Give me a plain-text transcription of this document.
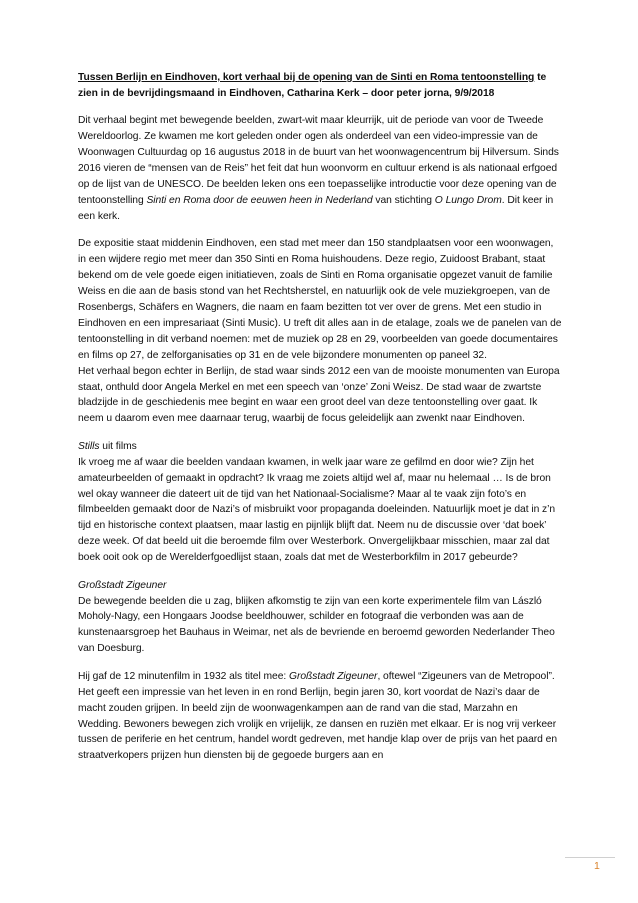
Tussen Berlijn en Eindhoven, kort verhaal bij de opening van de Sinti en Roma tentoonstelling te zien in de bevrijdingsmaand in Eindhoven, Catharina Kerk – door peter jorna, 9/9/2018

Dit verhaal begint met bewegende beelden, zwart-wit maar kleurrijk, uit de periode van voor de Tweede Wereldoorlog. Ze kwamen me kort geleden onder ogen als onderdeel van een video-impressie van de Woonwagen Cultuurdag op 16 augustus 2018 in de buurt van het woonwagencentrum bij Hilversum. Sinds 2016 vieren de “mensen van de Reis” het feit dat hun woonvorm en cultuur erkend is als nationaal erfgoed op de lijst van de UNESCO. De beelden leken ons een toepasselijke introductie voor deze opening van de tentoonstelling Sinti en Roma door de eeuwen heen in Nederland van stichting O Lungo Drom. Dit keer in een kerk.

De expositie staat middenin Eindhoven, een stad met meer dan 150 standplaatsen voor een woonwagen, in een wijdere regio met meer dan 350 Sinti en Roma huishoudens. Deze regio, Zuidoost Brabant, staat bekend om de vele goede eigen initiatieven, zoals de Sinti en Roma organisatie opgezet vanuit de familie Weiss en die aan de basis stond van het Rechtsherstel, en natuurlijk ook de vele muziekgroepen, van de Rosenbergs, Schäfers en Wagners, die naam en faam bezitten tot ver over de grens. Met een studio in Eindhoven en een impresariaat (Sinti Music). U treft dit alles aan in de etalage, zoals we de panelen van de tentoonstelling in dit verband noemen: met de muziek op 28 en 29, voorbeelden van goede documentaires en films op 27, de zelforganisaties op 31 en de vele bijzondere monumenten op paneel 32.

Het verhaal begon echter in Berlijn, de stad waar sinds 2012 een van de mooiste monumenten van Europa staat, onthuld door Angela Merkel en met een speech van ‘onze’ Zoni Weisz. De stad waar de zwartste bladzijde in de geschiedenis mee begint en waar een groot deel van deze tentoonstelling over gaat. Ik neem u daarom even mee daarnaar terug, waarbij de focus geleidelijk aan zwenkt naar Eindhoven.

Stills uit films
Ik vroeg me af waar die beelden vandaan kwamen, in welk jaar ware ze gefilmd en door wie? Zijn het amateurbeelden of gemaakt in opdracht? Ik vraag me zoiets altijd wel af, maar nu helemaal … Is de bron wel okay wanneer die dateert uit de tijd van het Nationaal-Socialisme? Maar al te vaak zijn foto’s en filmbeelden gemaakt door de Nazi’s of misbruikt voor propaganda doeleinden. Natuurlijk moet je dat in z’n tijd en historische context plaatsen, maar lastig en pijnlijk blijft dat. Neem nu de discussie over ‘dat boek’ deze week. Of dat beeld uit die beroemde film over Westerbork. Onvergelijkbaar misschien, maar zal dat boek ooit ook op de Werelderfgoedlijst staan, zoals dat met de Westerborkfilm in 2017 gebeurde?

Großstadt Zigeuner
De bewegende beelden die u zag, blijken afkomstig te zijn van een korte experimentele film van László Moholy-Nagy, een Hongaars Joodse beeldhouwer, schilder en fotograaf die verbonden was aan de kunstenaarsgroep het Bauhaus in Weimar, net als de bevriende en beroemd geworden Nederlander Theo van Doesburg.

Hij gaf de 12 minutenfilm in 1932 als titel mee: Großstadt Zigeuner, oftewel “Zigeuners van de Metropool”. Het geeft een impressie van het leven in en rond Berlijn, begin jaren 30, kort voordat de Nazi’s daar de macht zouden grijpen. In beeld zijn de woonwagenkampen aan de rand van die stad, Marzahn en Wedding. Bewoners bewegen zich vrolijk en vrijelijk, ze dansen en ruziën met elkaar. Er is nog vrij verkeer tussen de periferie en het centrum, handel wordt gedreven, met handje klap over de prijs van het paard en straatverkopers prijzen hun diensten bij de gegoede burgers aan en

1
